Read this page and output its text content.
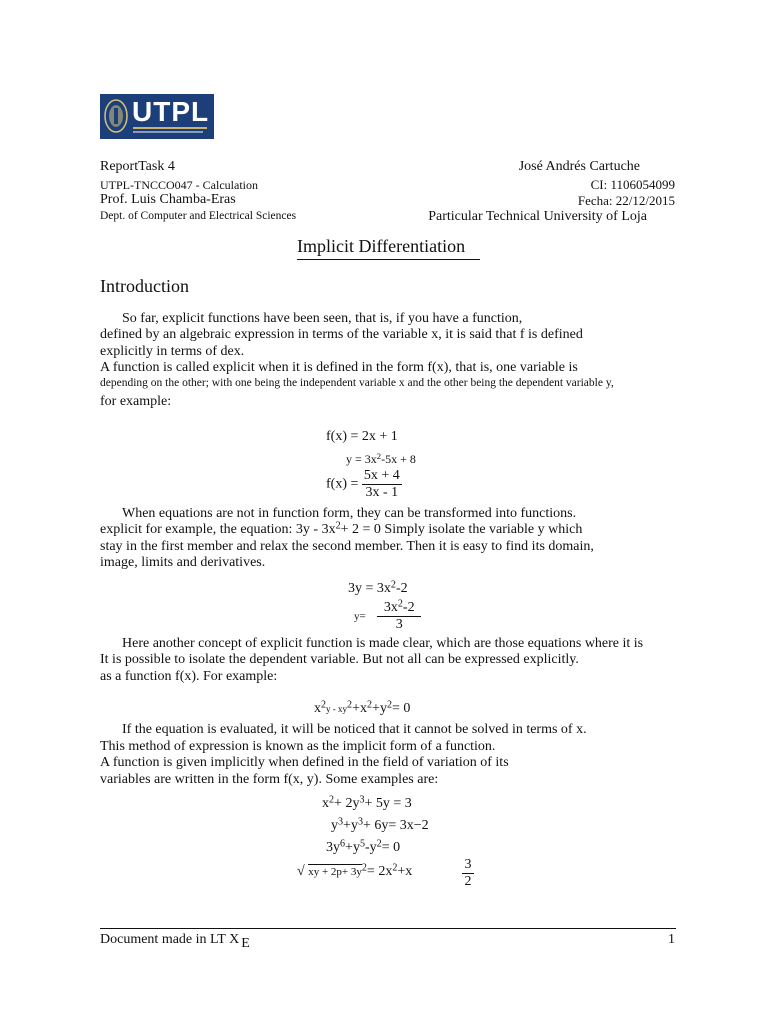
UTPL
ReportTask 4
UTPL-TNCCO047 - Calculation
Prof. Luis Chamba-Eras
Dept. of Computer and Electrical Sciences
José Andrés Cartuche
CI: 1106054099
Fecha: 22/12/2015
Particular Technical University of Loja
Implicit Differentiation
Introduction
So far, explicit functions have been seen, that is, if you have a function,
defined by an algebraic expression in terms of the variable x, it is said that f is defined
explicitly in terms of dex.
A function is called explicit when it is defined in the form f(x), that is, one variable is
depending on the other; with one being the independent variable x and the other being the dependent variable y,
for example:
f(x) = 2x + 1
$y = 3x^2-5x + 8$
$f(x) = \frac{5x + 4}{3x - 1}$
When equations are not in function form, they can be transformed into functions.
explicit for example, the equation: $3y - 3x^2+ 2 = 0$ Simply isolate the variable y which
stay in the first member and relax the second member. Then it is easy to find its domain,
image, limits and derivatives.
$3y = 3x^2-2$
$y= \frac{3x^2-2}{3}$
Here another concept of explicit function is made clear, which are those equations where it is
It is possible to isolate the dependent variable. But not all can be expressed explicitly.
as a function f(x). For example:
$x^2y - xy^2+x^2+y^2= 0$
If the equation is evaluated, it will be noticed that it cannot be solved in terms of x.
This method of expression is known as the implicit form of a function.
A function is given implicitly when defined in the field of variation of its
variables are written in the form f(x, y). Some examples are:
$x^2+ 2y^3+ 5y = 3$
$y^3+y^3+ 6y= 3x-2$
$3y^6+y^5-y^2= 0$
√ xy + $2p+ 3y^2= 2x^2+x$	$\frac{3}{2}$
Document made in LT X E	1
